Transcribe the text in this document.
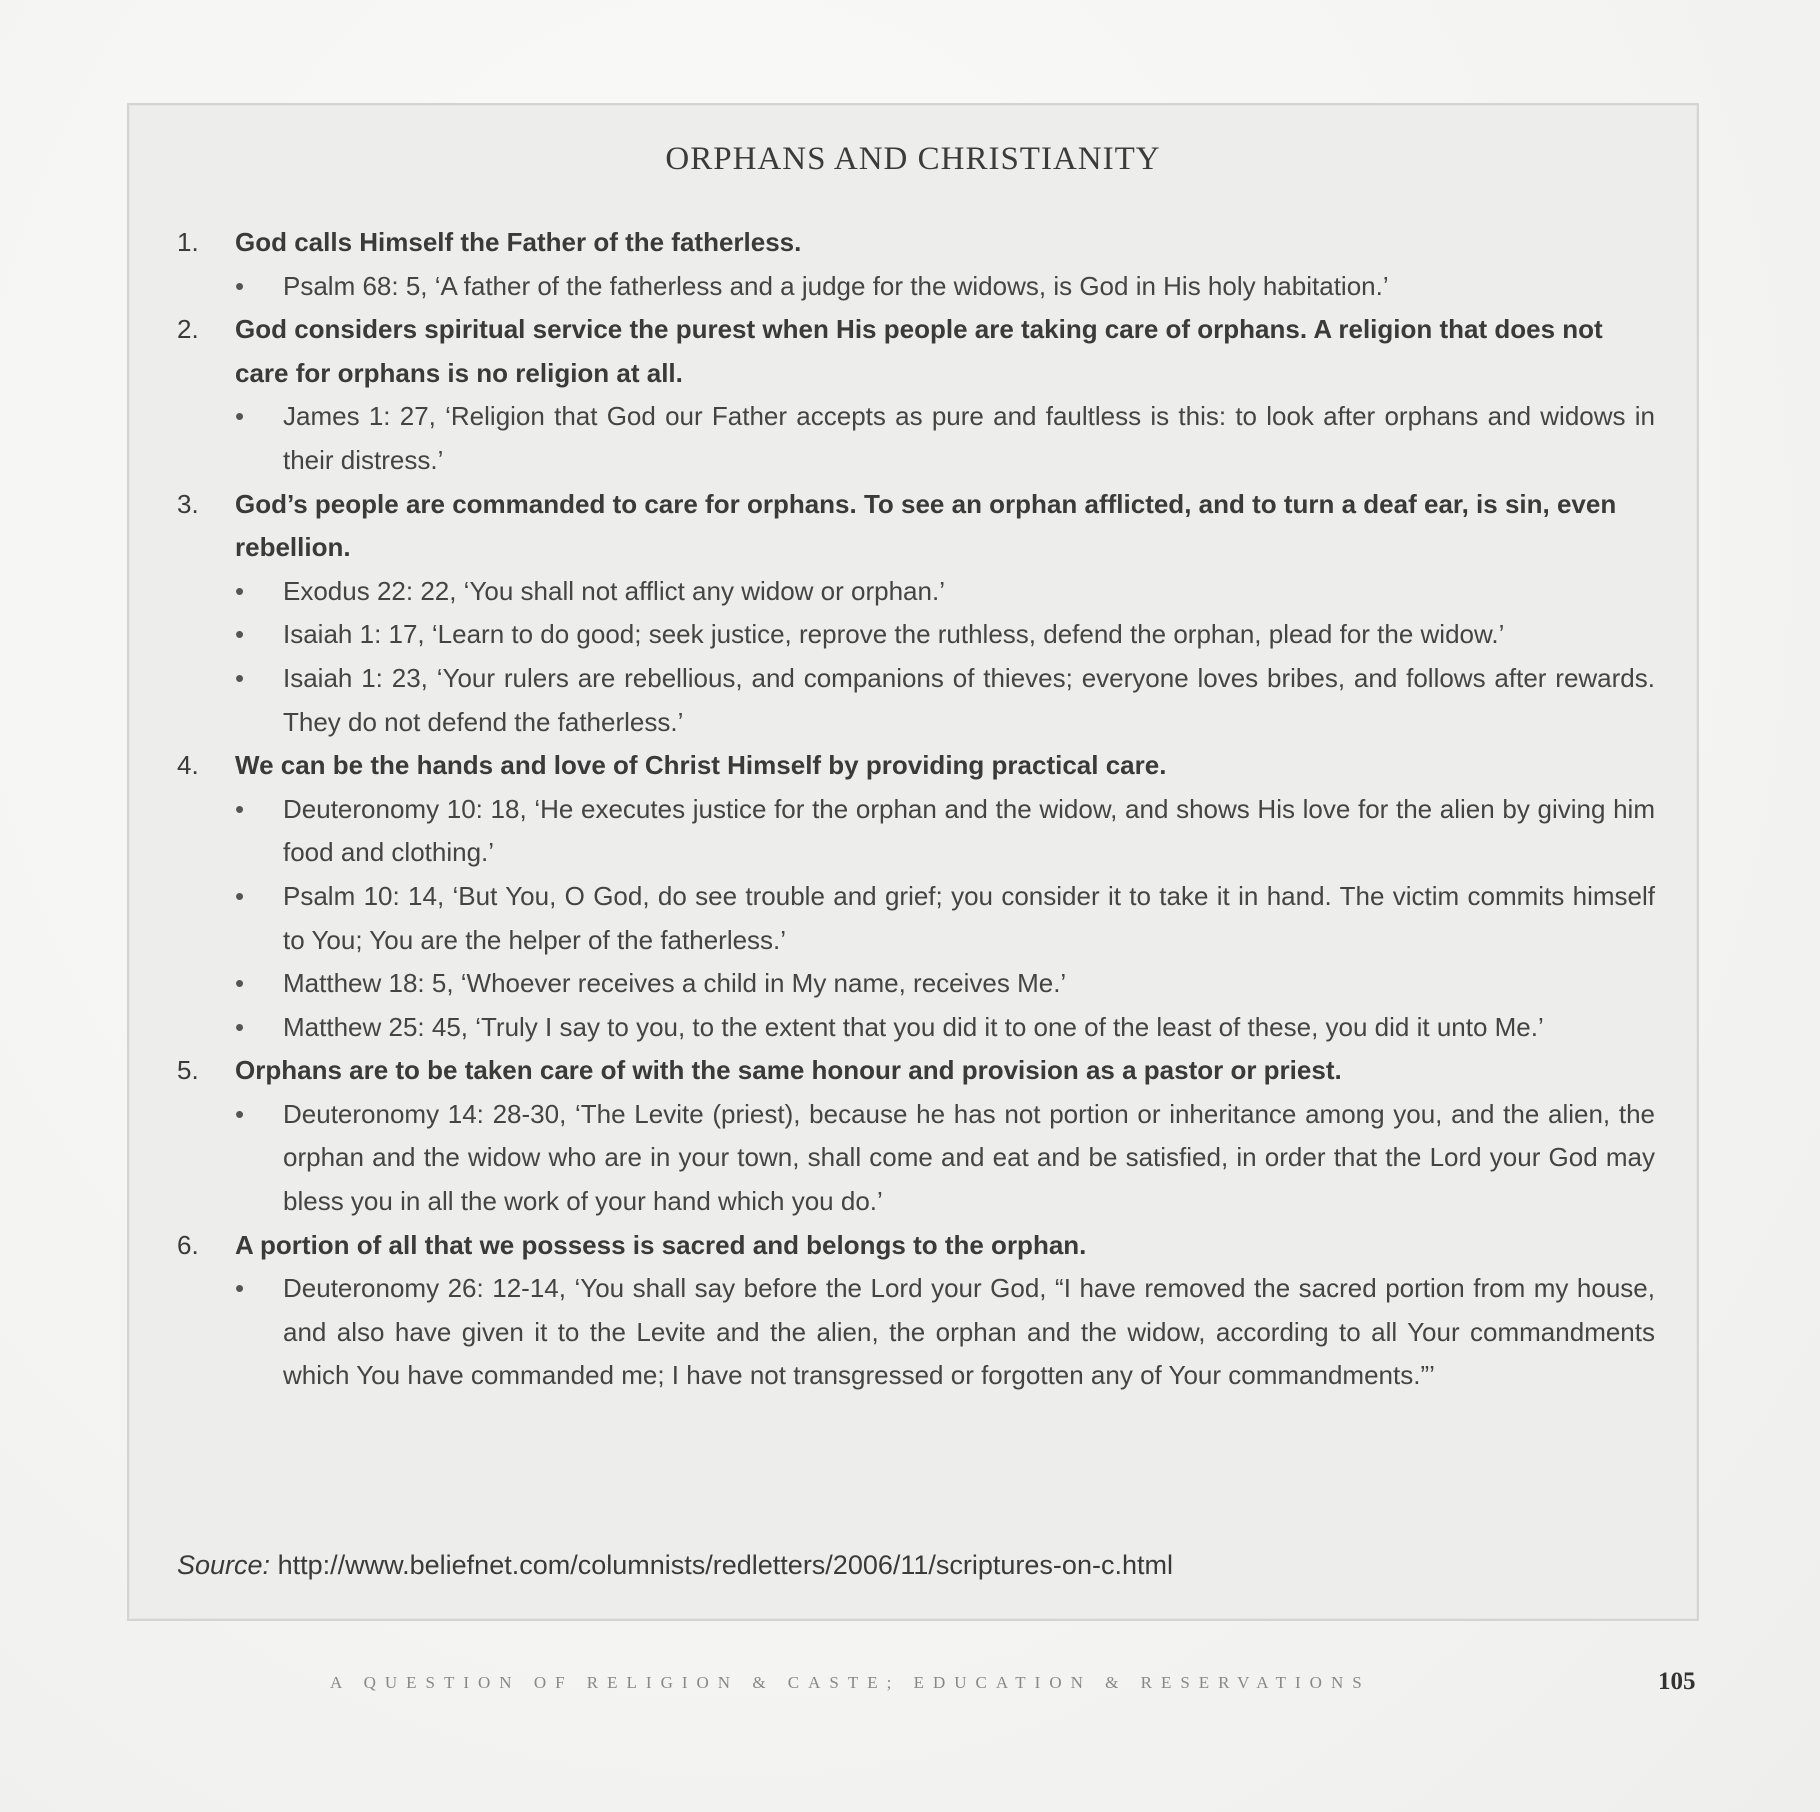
ORPHANS AND CHRISTIANITY
1.	God calls Himself the Father of the fatherless.
•	Psalm 68: 5, ‘A father of the fatherless and a judge for the widows, is God in His holy habitation.’
2.	God considers spiritual service the purest when His people are taking care of orphans. A religion that does not care for orphans is no religion at all.
•	James 1: 27, ‘Religion that God our Father accepts as pure and faultless is this: to look after orphans and widows in their distress.’
3.	God’s people are commanded to care for orphans. To see an orphan afflicted, and to turn a deaf ear, is sin, even rebellion.
•	Exodus 22: 22, ‘You shall not afflict any widow or orphan.’
•	Isaiah 1: 17, ‘Learn to do good; seek justice, reprove the ruthless, defend the orphan, plead for the widow.’
•	Isaiah 1: 23, ‘Your rulers are rebellious, and companions of thieves; everyone loves bribes, and follows after rewards. They do not defend the fatherless.’
4.	We can be the hands and love of Christ Himself by providing practical care.
•	Deuteronomy 10: 18, ‘He executes justice for the orphan and the widow, and shows His love for the alien by giving him food and clothing.’
•	Psalm 10: 14, ‘But You, O God, do see trouble and grief; you consider it to take it in hand. The victim commits himself to You; You are the helper of the fatherless.’
•	Matthew 18: 5, ‘Whoever receives a child in My name, receives Me.’
•	Matthew 25: 45, ‘Truly I say to you, to the extent that you did it to one of the least of these, you did it unto Me.’
5.	Orphans are to be taken care of with the same honour and provision as a pastor or priest.
•	Deuteronomy 14: 28-30, ‘The Levite (priest), because he has not portion or inheritance among you, and the alien, the orphan and the widow who are in your town, shall come and eat and be satisfied, in order that the Lord your God may bless you in all the work of your hand which you do.’
6.	A portion of all that we possess is sacred and belongs to the orphan.
•	Deuteronomy 26: 12-14, ‘You shall say before the Lord your God, “I have removed the sacred portion from my house, and also have given it to the Levite and the alien, the orphan and the widow, according to all Your commandments which You have commanded me; I have not transgressed or forgotten any of Your commandments.”’
Source: http://www.beliefnet.com/columnists/redletters/2006/11/scriptures-on-c.html
A QUESTION OF RELIGION & CASTE; EDUCATION & RESERVATIONS	105
